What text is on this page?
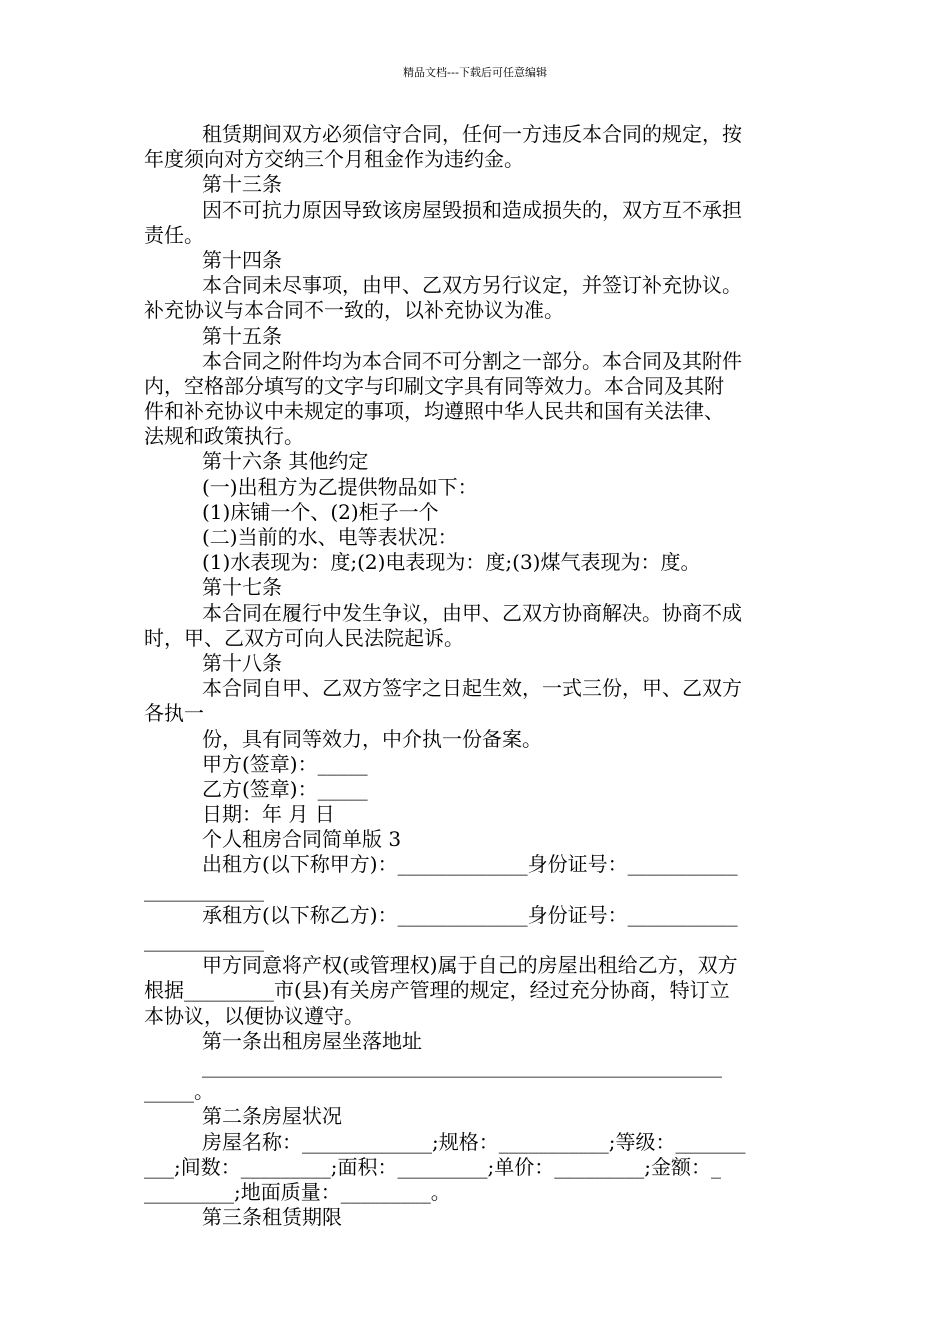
精品文档---下载后可任意编辑
租赁期间双方必须信守合同，任何一方违反本合同的规定，按
年度须向对方交纳三个月租金作为违约金。
第十三条
因不可抗力原因导致该房屋毁损和造成损失的，双方互不承担
责任。
第十四条
本合同未尽事项，由甲、乙双方另行议定，并签订补充协议。
补充协议与本合同不一致的，以补充协议为准。
第十五条
本合同之附件均为本合同不可分割之一部分。本合同及其附件
内，空格部分填写的文字与印刷文字具有同等效力。本合同及其附
件和补充协议中未规定的事项，均遵照中华人民共和国有关法律、
法规和政策执行。
第十六条 其他约定
(一)出租方为乙提供物品如下：
(1)床铺一个、(2)柜子一个
(二)当前的水、电等表状况：
(1)水表现为：度;(2)电表现为：度;(3)煤气表现为：度。
第十七条
本合同在履行中发生争议，由甲、乙双方协商解决。协商不成
时，甲、乙双方可向人民法院起诉。
第十八条
本合同自甲、乙双方签字之日起生效，一式三份，甲、乙双方
各执一
份，具有同等效力，中介执一份备案。
甲方(签章)：_____
乙方(签章)：_____
日期：年 月 日
个人租房合同简单版 3
出租方(以下称甲方)：_____________身份证号：___________
____________
承租方(以下称乙方)：_____________身份证号：___________
____________
甲方同意将产权(或管理权)属于自己的房屋出租给乙方，双方
根据_________市(县)有关房产管理的规定，经过充分协商，特订立
本协议，以便协议遵守。
第一条出租房屋坐落地址
____________________________________________________
_____。
第二条房屋状况
房屋名称：_____________;规格：___________;等级：_______
___;间数：_________;面积：_________;单价：_________;金额：_
_________;地面质量：_________。
第三条租赁期限
